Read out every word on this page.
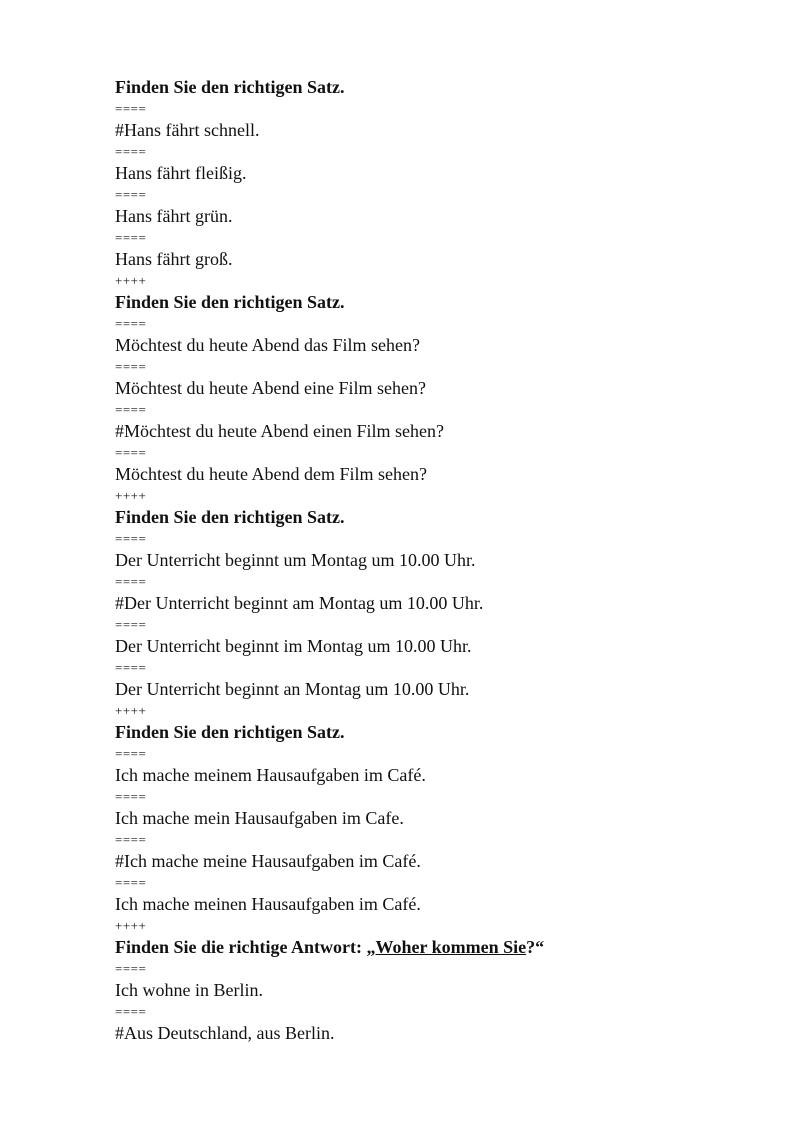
Finden Sie den richtigen Satz.
====
#Hans fährt schnell.
====
Hans fährt fleißig.
====
Hans fährt grün.
====
Hans fährt groß.
++++
Finden Sie den richtigen Satz.
====
Möchtest du heute Abend das Film sehen?
====
Möchtest du heute Abend eine Film sehen?
====
#Möchtest du heute Abend einen Film sehen?
====
Möchtest du heute Abend dem Film sehen?
++++
Finden Sie den richtigen Satz.
====
Der Unterricht beginnt um Montag um 10.00 Uhr.
====
#Der Unterricht beginnt am Montag um 10.00 Uhr.
====
Der Unterricht beginnt im Montag um 10.00 Uhr.
====
Der Unterricht beginnt an Montag um 10.00 Uhr.
++++
Finden Sie den richtigen Satz.
====
Ich mache meinem Hausaufgaben im Café.
====
Ich mache mein Hausaufgaben im Cafe.
====
#Ich mache meine Hausaufgaben im Café.
====
Ich mache meinen Hausaufgaben im Café.
++++
Finden Sie die richtige Antwort: „Woher kommen Sie?“
====
Ich wohne in Berlin.
====
#Aus Deutschland, aus Berlin.
